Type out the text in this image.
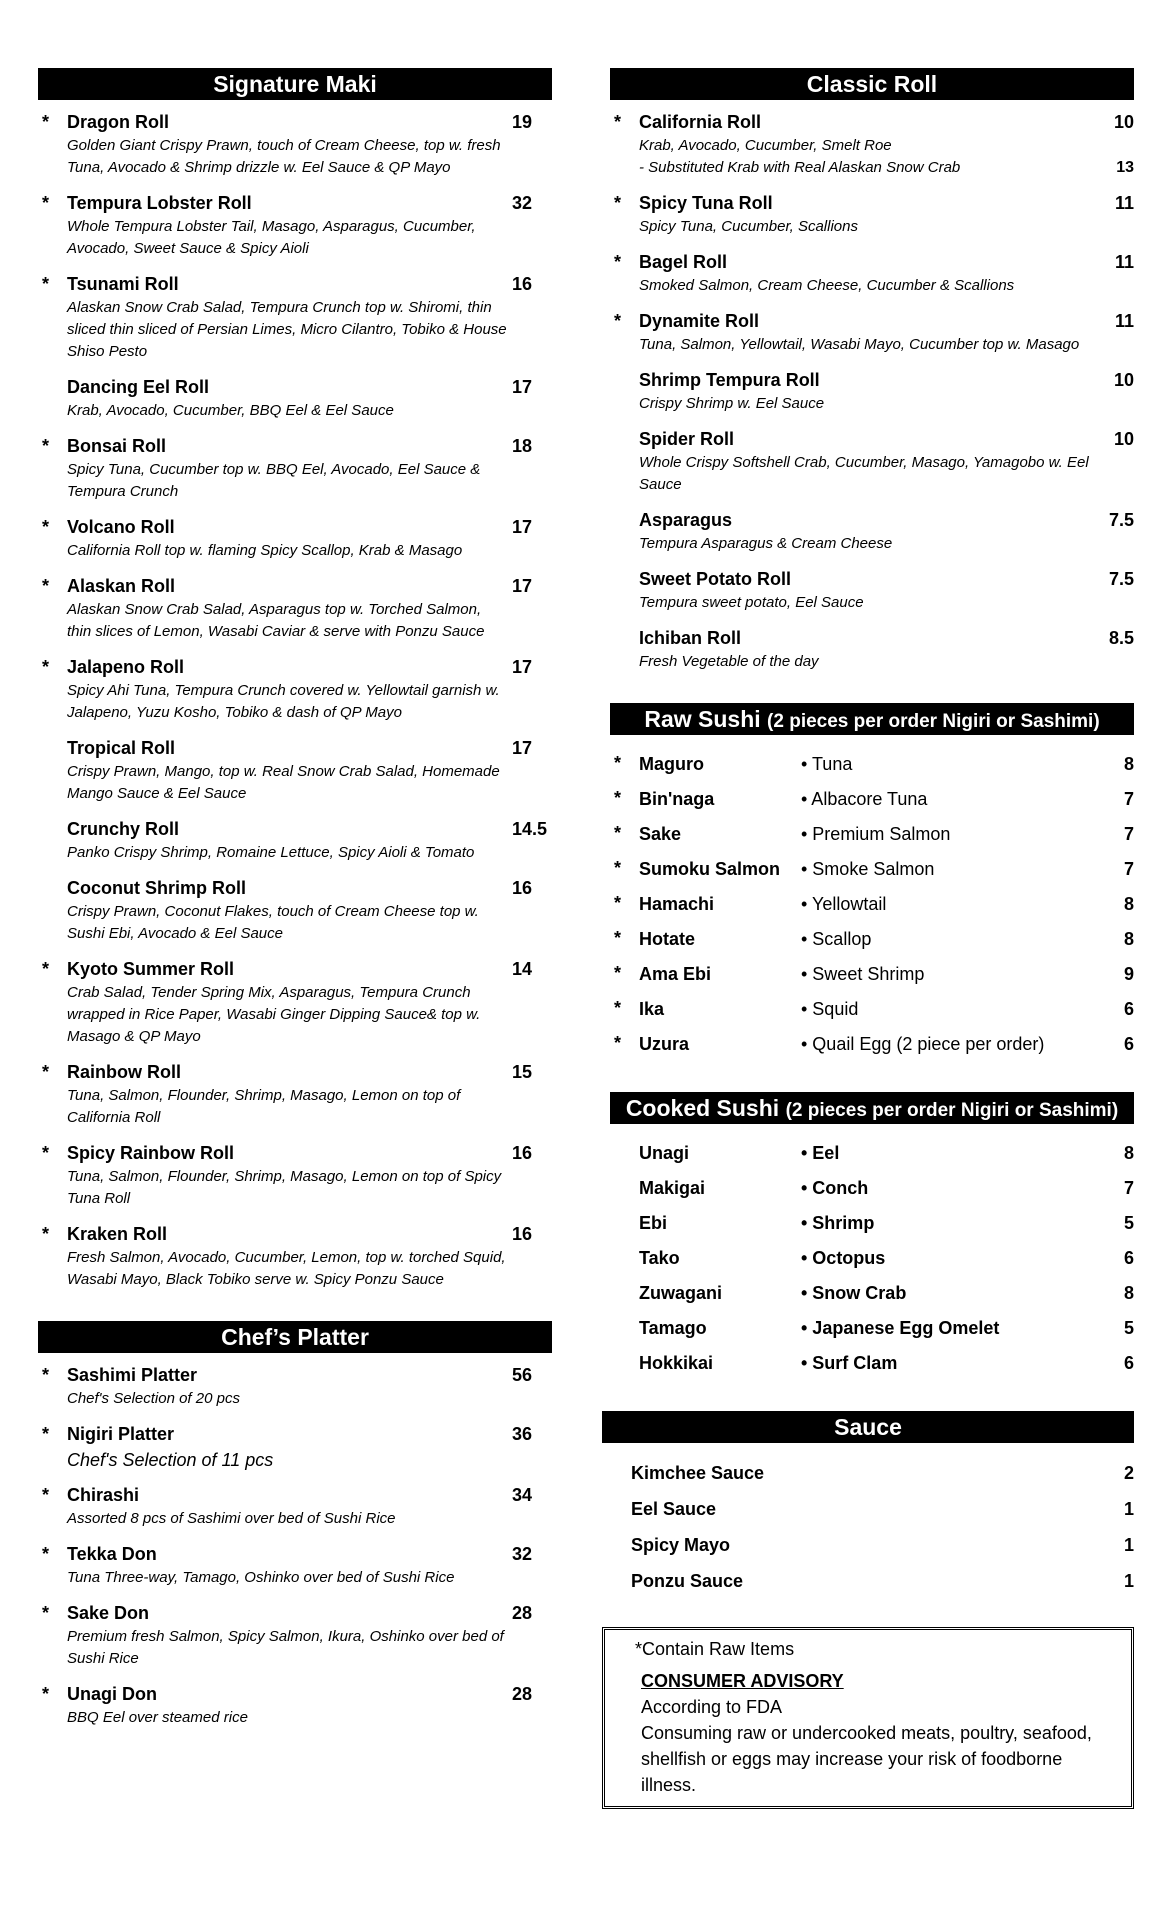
Signature Maki
* Dragon Roll	19
Golden Giant Crispy Prawn, touch of Cream Cheese, top w. fresh Tuna, Avocado & Shrimp drizzle w. Eel Sauce & QP Mayo
* Tempura Lobster Roll	32
Whole Tempura Lobster Tail, Masago, Asparagus, Cucumber, Avocado, Sweet Sauce & Spicy Aioli
* Tsunami Roll	16
Alaskan Snow Crab Salad, Tempura Crunch top w. Shiromi, thin sliced thin sliced of Persian Limes, Micro Cilantro, Tobiko & House Shiso Pesto
Dancing Eel Roll	17
Krab, Avocado, Cucumber, BBQ Eel & Eel Sauce
* Bonsai Roll	18
Spicy Tuna, Cucumber top w. BBQ Eel, Avocado, Eel Sauce & Tempura Crunch
* Volcano Roll	17
California Roll top w. flaming Spicy Scallop, Krab & Masago
* Alaskan Roll	17
Alaskan Snow Crab Salad, Asparagus top w. Torched Salmon, thin slices of Lemon, Wasabi Caviar & serve with Ponzu Sauce
* Jalapeno Roll	17
Spicy Ahi Tuna, Tempura Crunch covered w. Yellowtail garnish w. Jalapeno, Yuzu Kosho, Tobiko & dash of QP Mayo
Tropical Roll	17
Crispy Prawn, Mango, top w. Real Snow Crab Salad, Homemade Mango Sauce & Eel Sauce
Crunchy Roll	14.5
Panko Crispy Shrimp, Romaine Lettuce, Spicy Aioli & Tomato
Coconut Shrimp Roll	16
Crispy Prawn, Coconut Flakes, touch of Cream Cheese top w. Sushi Ebi, Avocado & Eel Sauce
* Kyoto Summer Roll	14
Crab Salad, Tender Spring Mix, Asparagus, Tempura Crunch wrapped in Rice Paper, Wasabi Ginger Dipping Sauce& top w. Masago & QP Mayo
* Rainbow Roll	15
Tuna, Salmon, Flounder, Shrimp, Masago, Lemon on top of California Roll
* Spicy Rainbow Roll	16
Tuna, Salmon, Flounder, Shrimp, Masago, Lemon on top of Spicy Tuna Roll
* Kraken Roll	16
Fresh Salmon, Avocado, Cucumber, Lemon, top w. torched Squid, Wasabi Mayo, Black Tobiko serve w. Spicy Ponzu Sauce
Chef’s Platter
* Sashimi Platter	56
Chef's Selection of 20 pcs
* Nigiri Platter	36
Chef's Selection of 11 pcs
* Chirashi	34
Assorted 8 pcs of Sashimi over bed of Sushi Rice
* Tekka Don	32
Tuna Three-way, Tamago, Oshinko over bed of Sushi Rice
* Sake Don	28
Premium fresh Salmon, Spicy Salmon, Ikura, Oshinko over bed of Sushi Rice
* Unagi Don	28
BBQ Eel over steamed rice
Classic Roll
* California Roll	10
Krab, Avocado, Cucumber, Smelt Roe
- Substituted Krab with Real Alaskan Snow Crab	13
* Spicy Tuna Roll	11
Spicy Tuna, Cucumber, Scallions
* Bagel Roll	11
Smoked Salmon, Cream Cheese, Cucumber & Scallions
* Dynamite Roll	11
Tuna, Salmon, Yellowtail, Wasabi Mayo, Cucumber top w. Masago
Shrimp Tempura Roll	10
Crispy Shrimp w. Eel Sauce
Spider Roll	10
Whole Crispy Softshell Crab, Cucumber, Masago, Yamagobo w. Eel Sauce
Asparagus	7.5
Tempura Asparagus & Cream Cheese
Sweet Potato Roll	7.5
Tempura sweet potato, Eel Sauce
Ichiban Roll	8.5
Fresh Vegetable of the day
Raw Sushi (2 pieces per order Nigiri or Sashimi)
* Maguro	• Tuna	8
* Bin'naga	• Albacore Tuna	7
* Sake	• Premium Salmon	7
* Sumoku Salmon	• Smoke Salmon	7
* Hamachi	• Yellowtail	8
* Hotate	• Scallop	8
* Ama Ebi	• Sweet Shrimp	9
* Ika	• Squid	6
* Uzura	• Quail Egg (2 piece per order)	6
Cooked Sushi (2 pieces per order Nigiri or Sashimi)
Unagi	• Eel	8
Makigai	• Conch	7
Ebi	• Shrimp	5
Tako	• Octopus	6
Zuwagani	• Snow Crab	8
Tamago	• Japanese Egg Omelet	5
Hokkikai	• Surf Clam	6
Sauce
Kimchee Sauce	2
Eel Sauce	1
Spicy Mayo	1
Ponzu Sauce	1
*Contain Raw Items
CONSUMER ADVISORY
According to FDA
Consuming raw or undercooked meats, poultry, seafood, shellfish or eggs may increase your risk of foodborne illness.
